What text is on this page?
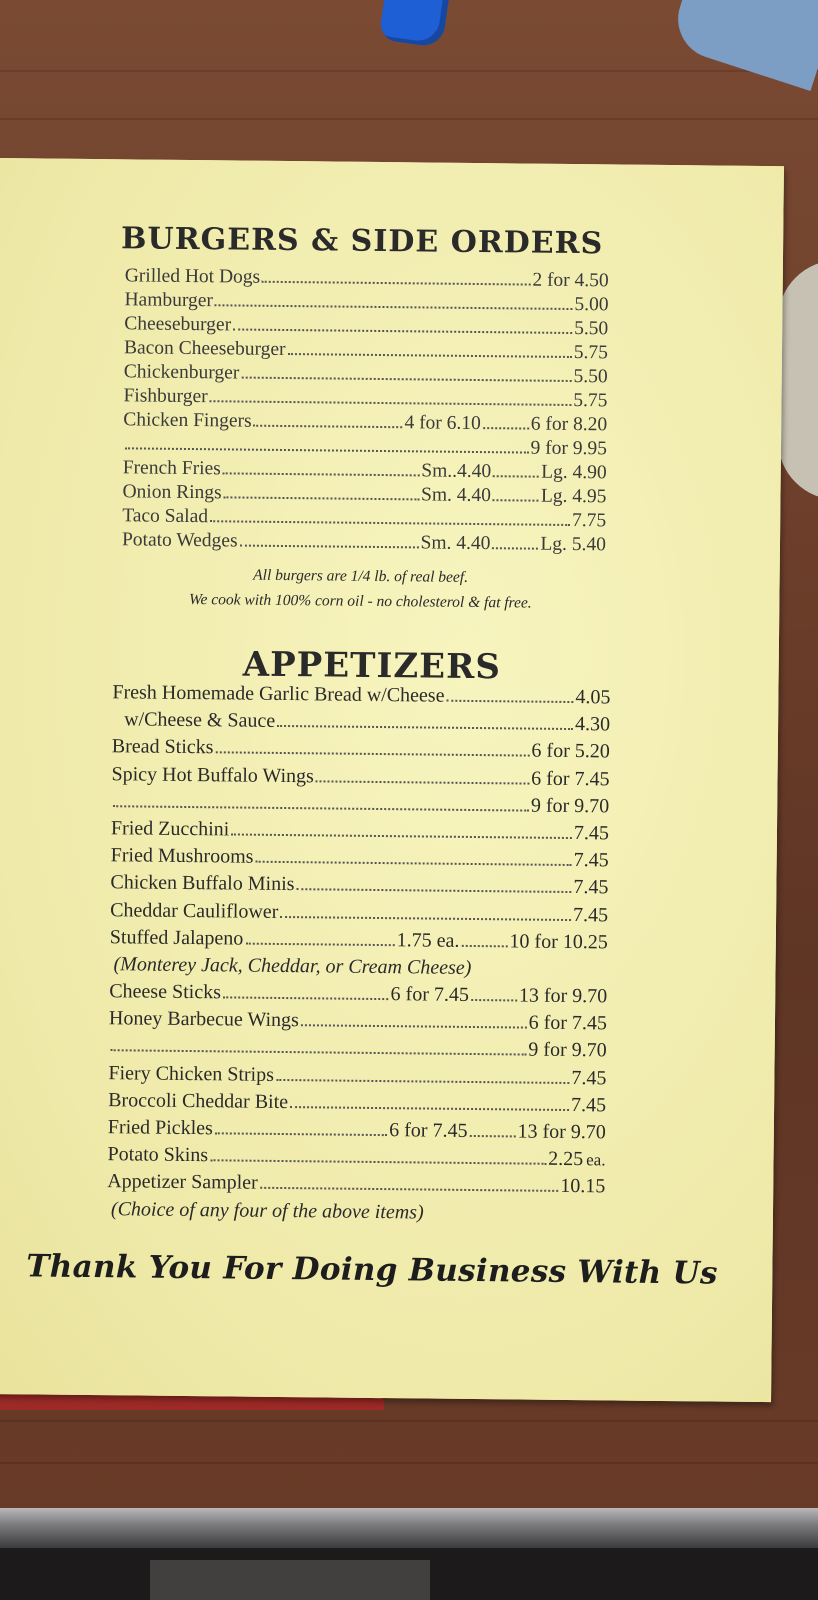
BURGERS & SIDE ORDERS
Grilled Hot Dogs	2 for 4.50
Hamburger	5.00
Cheeseburger	5.50
Bacon Cheeseburger	5.75
Chickenburger	5.50
Fishburger	5.75
Chicken Fingers	4 for 6.10	6 for 8.20
9 for 9.95
French Fries	Sm..4.40	Lg. 4.90
Onion Rings	Sm. 4.40	Lg. 4.95
Taco Salad	7.75
Potato Wedges	Sm. 4.40	Lg. 5.40
All burgers are 1/4 lb. of real beef.
We cook with 100% corn oil - no cholesterol & fat free.
APPETIZERS
Fresh Homemade Garlic Bread w/Cheese	4.05
w/Cheese & Sauce	4.30
Bread Sticks	6 for 5.20
Spicy Hot Buffalo Wings	6 for 7.45
9 for 9.70
Fried Zucchini	7.45
Fried Mushrooms	7.45
Chicken Buffalo Minis	7.45
Cheddar Cauliflower	7.45
Stuffed Jalapeno	1.75 ea. 10 for 10.25
(Monterey Jack, Cheddar, or Cream Cheese)
Cheese Sticks	6 for 7.45 13 for 9.70
Honey Barbecue Wings	6 for 7.45
9 for 9.70
Fiery Chicken Strips	7.45
Broccoli Cheddar Bite	7.45
Fried Pickles	6 for 7.45 13 for 9.70
Potato Skins	2.25 ea.
Appetizer Sampler	10.15
(Choice of any four of the above items)
Thank You For Doing Business With Us
